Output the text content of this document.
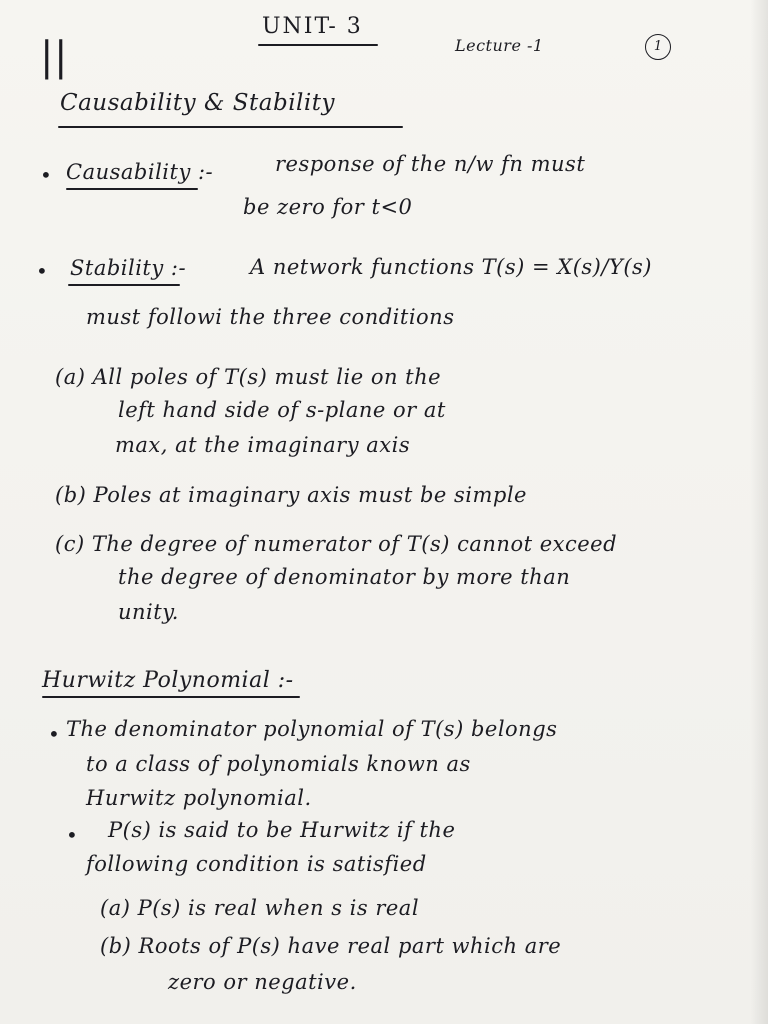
UNIT- 3
Lecture -1	1
||
Causability & Stability
• Causability :-	response of the n/w fn must
be zero for t<0
• Stability :-	A network functions T(s) = X(s)/Y(s)
must followi the three conditions
(a) All poles of T(s) must lie on the
left hand side of s-plane or at
max, at the imaginary axis
(b) Poles at imaginary axis must be simple
(c) The degree of numerator of T(s) cannot exceed
the degree of denominator by more than
unity.
Hurwitz Polynomial :-
• The denominator polynomial of T(s) belongs
to a class of polynomials known as
Hurwitz polynomial.
• P(s) is said to be Hurwitz if the
following condition is satisfied
(a) P(s) is real when s is real
(b) Roots of P(s) have real part which are
zero or negative.
